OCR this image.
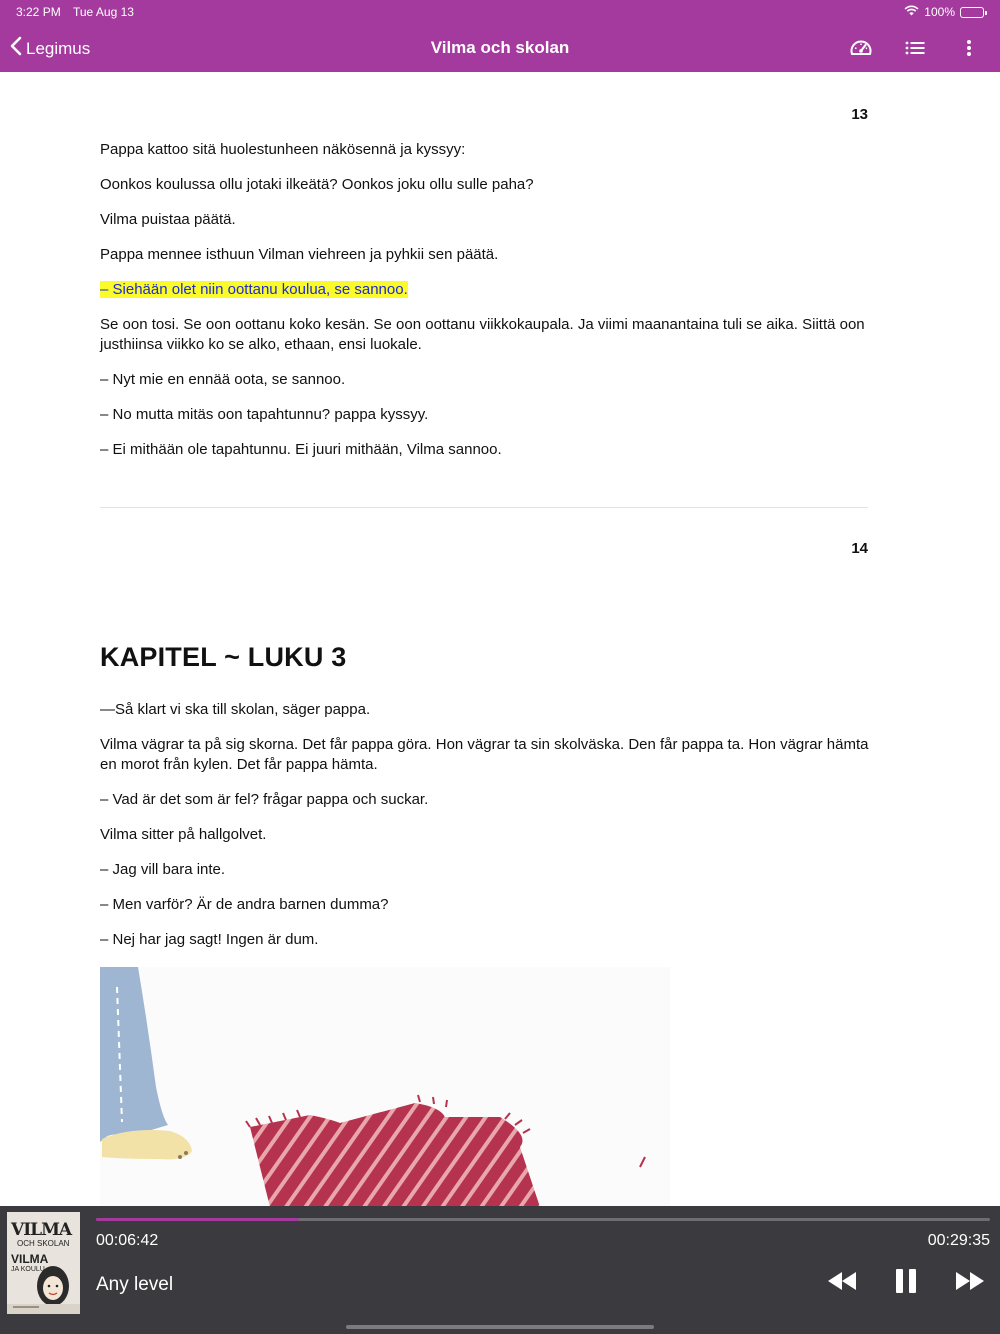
3:22 PM Tue Aug 13	100%
Legimus	Vilma och skolan
13

Pappa kattoo sitä huolestunheen näkösennä ja kyssyy:

Oonkos koulussa ollu jotaki ilkeätä? Oonkos joku ollu sulle paha?

Vilma puistaa päätä.

Pappa mennee isthuun Vilman viehreen ja pyhkii sen päätä.

– Siehään olet niin oottanu koulua, se sannoo.

Se oon tosi. Se oon oottanu koko kesän. Se oon oottanu viikkokaupala. Ja viimi maanantaina tuli se aika. Siittä oon justhiinsa viikko ko se alko, ethaan, ensi luokale.

– Nyt mie en ennää oota, se sannoo.

– No mutta mitäs oon tapahtunnu? pappa kyssyy.

– Ei mithään ole tapahtunnu. Ei juuri mithään, Vilma sannoo.

14
KAPITEL ~ LUKU 3

—Så klart vi ska till skolan, säger pappa.

Vilma vägrar ta på sig skorna. Det får pappa göra. Hon vägrar ta sin skolväska. Den får pappa ta. Hon vägrar hämta en morot från kylen. Det får pappa hämta.

– Vad är det som är fel? frågar pappa och suckar.

Vilma sitter på hallgolvet.

– Jag vill bara inte.

– Men varför? Är de andra barnen dumma?

– Nej har jag sagt! Ingen är dum.

VILMA
OCH SKOLAN
VILMA
JA KOULU
00:06:42	00:29:35
Any level
